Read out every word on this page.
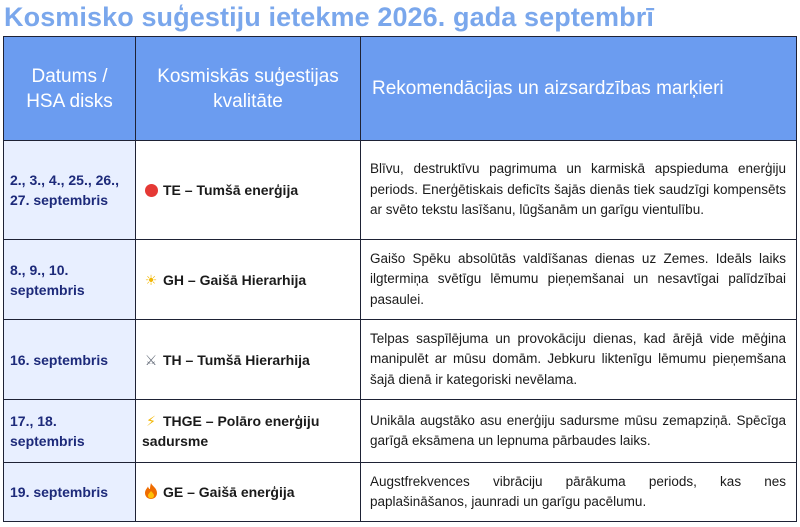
Kosmisko suģestiju ietekme 2026. gada septembrī
Datums / HSA disks	Kosmiskās suģestijas kvalitāte	Rekomendācijas un aizsardzības marķieri
2., 3., 4., 25., 26., 27. septembris	TE – Tumšā enerģija	Blīvu, destruktīvu pagrimuma un karmiskā apspieduma enerģiju periods. Enerģētiskais deficīts šajās dienās tiek saudzīgi kompensēts ar svēto tekstu lasīšanu, lūgšanām un garīgu vientulību.
8., 9., 10. septembris	☀ GH – Gaišā Hierarhija	Gaišo Spēku absolūtās valdīšanas dienas uz Zemes. Ideāls laiks ilgtermiņa svētīgu lēmumu pieņemšanai un nesavtīgai palīdzībai pasaulei.
16. septembris	⚔ TH – Tumšā Hierarhija	Telpas saspīlējuma un provokāciju dienas, kad ārējā vide mēģina manipulēt ar mūsu domām. Jebkuru liktenīgu lēmumu pieņemšana šajā dienā ir kategoriski nevēlama.
17., 18. septembris	⚡ THGE – Polāro enerģiju sadursme	Unikāla augstāko asu enerģiju sadursme mūsu zemapziņā. Spēcīga garīgā eksāmena un lepnuma pārbaudes laiks.
19. septembris	GE – Gaišā enerģija	Augstfrekvences vibrāciju pārākuma periods, kas nes paplašināšanos, jaunradi un garīgu pacēlumu.
